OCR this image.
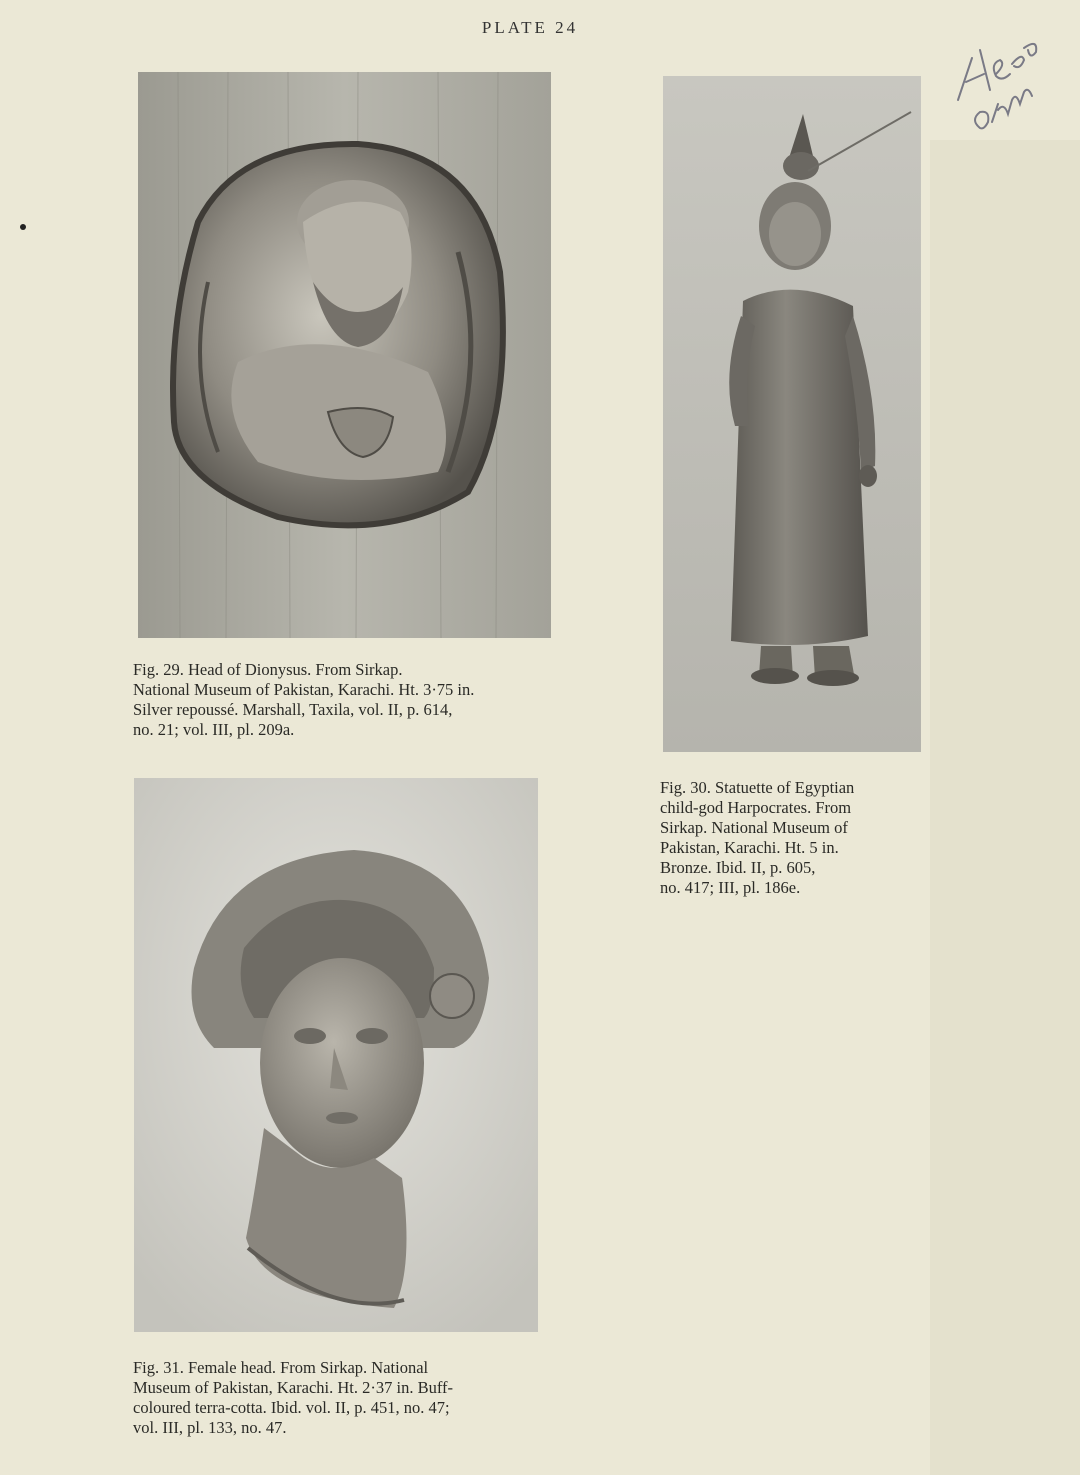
PLATE 24
Fig. 29. Head of Dionysus. From Sirkap.
National Museum of Pakistan, Karachi. Ht. 3·75 in.
Silver repoussé. Marshall, Taxila, vol. II, p. 614,
no. 21; vol. III, pl. 209a.
Fig. 30. Statuette of Egyptian
child-god Harpocrates. From
Sirkap. National Museum of
Pakistan, Karachi. Ht. 5 in.
Bronze. Ibid. II, p. 605,
no. 417; III, pl. 186e.
Fig. 31. Female head. From Sirkap. National
Museum of Pakistan, Karachi. Ht. 2·37 in. Buff-
coloured terra-cotta. Ibid. vol. II, p. 451, no. 47;
vol. III, pl. 133, no. 47.
